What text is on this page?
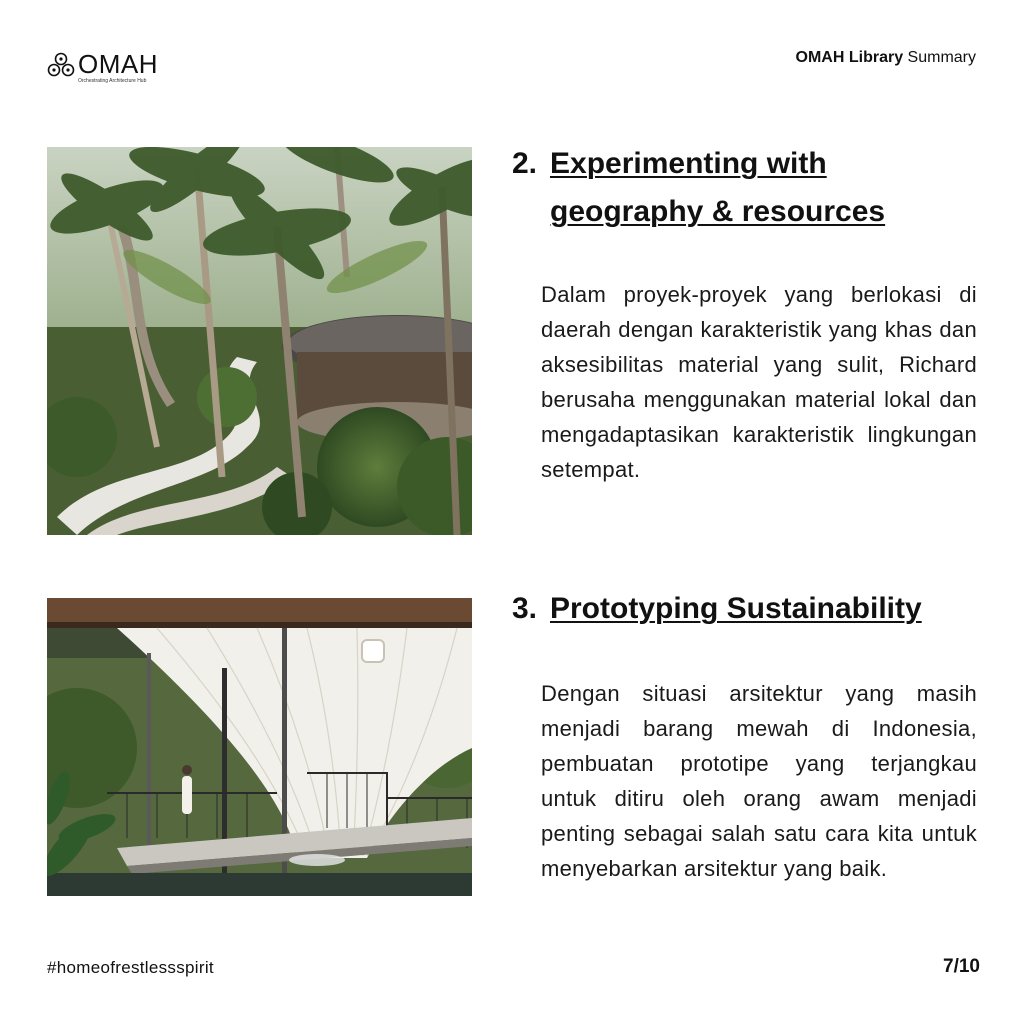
OMAH
Orchestrating Architecture Hub
OMAH Library Summary
2. Experimenting with
geography & resources

Dalam proyek-proyek yang berlokasi di daerah dengan karakteristik yang khas dan aksesibilitas material yang sulit, Richard berusaha menggunakan material lokal dan mengadaptasikan karakteristik lingkungan setempat.

3. Prototyping Sustainability

Dengan situasi arsitektur yang masih menjadi barang mewah di Indonesia, pembuatan prototipe yang terjangkau untuk ditiru oleh orang awam menjadi penting sebagai salah satu cara kita untuk menyebarkan arsitektur yang baik.

#homeofrestlessspirit	7/10
